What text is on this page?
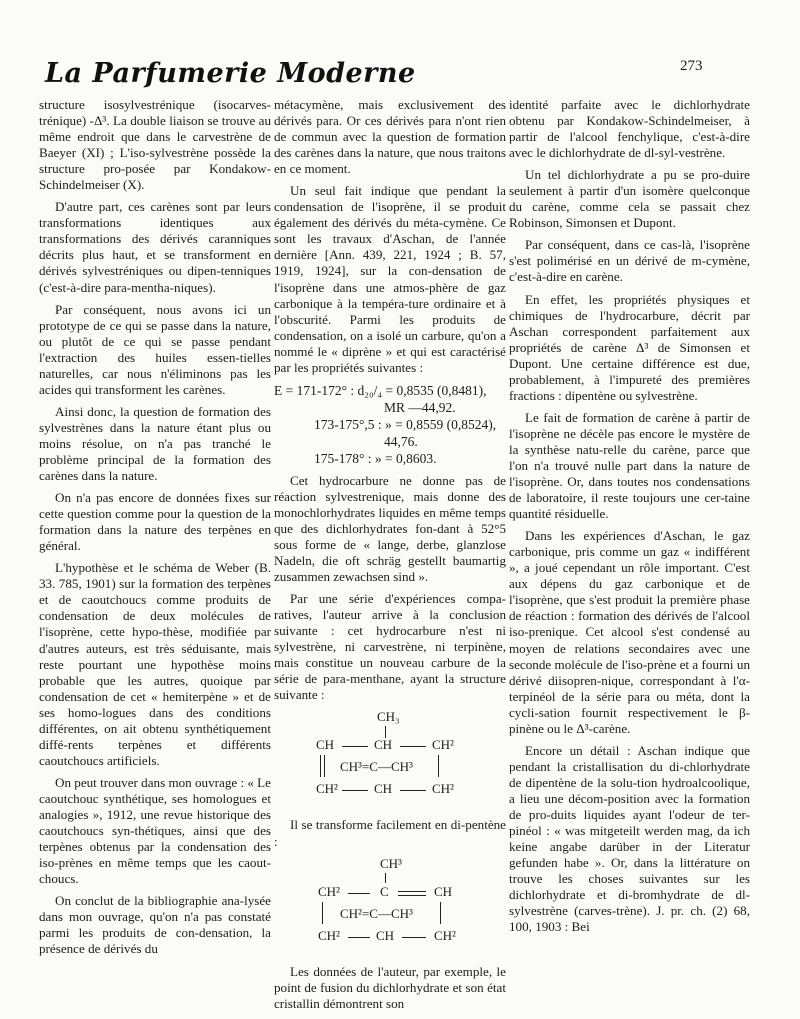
La Parfumerie Moderne	273

structure isosylvestrénique (isocarves-trénique) -Δ³. La double liaison se trouve au même endroit que dans le carvestrène de Baeyer (XI) ; L'iso-sylvestrène possède la structure pro-posée par Kondakow-Schindelmeiser (X).

D'autre part, ces carènes sont par leurs transformations identiques aux transformations des dérivés caranniques décrits plus haut, et se transforment en dérivés sylvestréniques ou dipen-tenniques (c'est-à-dire para-mentha-niques).

Par conséquent, nous avons ici un prototype de ce qui se passe dans la nature, ou plutôt de ce qui se passe pendant l'extraction des huiles essen-tielles naturelles, car nous n'éliminons pas les acides qui transforment les carènes.

Ainsi donc, la question de formation des sylvestrènes dans la nature étant plus ou moins résolue, on n'a pas tranché le problème principal de la formation des carènes dans la nature.

On n'a pas encore de données fixes sur cette question comme pour la question de la formation dans la nature des terpènes en général.

L'hypothèse et le schéma de Weber (B. 33. 785, 1901) sur la formation des terpènes et de caoutchoucs comme produits de condensation de deux molécules de l'isoprène, cette hypo-thèse, modifiée par d'autres auteurs, est très séduisante, mais reste pourtant une hypothèse moins probable que les autres, quoique par condensation de cet « hemiterpène » et de ses homo-logues dans des conditions différentes, on ait obtenu synthétiquement diffé-rents terpènes et différents caoutchoucs artificiels.

On peut trouver dans mon ouvrage : « Le caoutchouc synthétique, ses homologues et analogies », 1912, une revue historique des caoutchoucs syn-thétiques, ainsi que des terpènes obtenus par la condensation des iso-prènes en même temps que les caout-choucs.

On conclut de la bibliographie ana-lysée dans mon ouvrage, qu'on n'a pas constaté parmi les produits de con-densation, la présence de dérivés du

métacymène, mais exclusivement des dérivés para. Or ces dérivés para n'ont rien de commun avec la question de formation des carènes dans la nature, que nous traitons en ce moment.

Un seul fait indique que pendant la condensation de l'isoprène, il se produit également des dérivés du méta-cymène. Ce sont les travaux d'Aschan, de l'année dernière [Ann. 439, 221, 1924 ; B. 57, 1919, 1924], sur la con-densation de l'isoprène dans une atmos-phère de gaz carbonique à la tempéra-ture ordinaire et à l'obscurité. Parmi les produits de condensation, on a isolé un carbure, qu'on a nommé le « diprène » et qui est caractérisé par les propriétés suivantes :

E = 171-172° : d₂₀/₄ = 0,8535 (0,8481),
MR —44,92.
173-175°,5 : » = 0,8559 (0,8524),
44,76.
175-178° : » = 0,8603.

Cet hydrocarbure ne donne pas de réaction sylvestrenique, mais donne des monochlorhydrates liquides en même temps que des dichlorhydrates fon-dant à 52°5 sous forme de « lange, derbe, glanzlose Nadeln, die oft schräg gestellt baumartig zusammen zewachsen sind ».

Par une série d'expériences compa-ratives, l'auteur arrive à la conclusion suivante : cet hydrocarbure n'est ni sylvestrène, ni carvestrène, ni terpinène, mais constitue un nouveau carbure de la série de para-menthane, ayant la structure suivante :

CH₃
CH	CH	CH²
CH³=C—CH³
CH²	CH	CH²

Il se transforme facilement en di-pentène :

CH³
CH²	C	CH
CH²=C—CH³
CH²	CH	CH²

Les données de l'auteur, par exemple, le point de fusion du dichlorhydrate et son état cristallin démontrent son

identité parfaite avec le dichlorhydrate obtenu par Kondakow-Schindelmeiser, à partir de l'alcool fenchylique, c'est-à-dire avec le dichlorhydrate de dl-syl-vestrène.

Un tel dichlorhydrate a pu se pro-duire seulement à partir d'un isomère quelconque du carène, comme cela se passait chez Robinson, Simonsen et Dupont.

Par conséquent, dans ce cas-là, l'isoprène s'est polimérisé en un dérivé de m-cymène, c'est-à-dire en carène.

En effet, les propriétés physiques et chimiques de l'hydrocarbure, décrit par Aschan correspondent parfaitement aux propriétés de carène Δ³ de Simonsen et Dupont. Une certaine différence est due, probablement, à l'impureté des premières fractions : dipentène ou sylvestrène.

Le fait de formation de carène à partir de l'isoprène ne décèle pas encore le mystère de la synthèse natu-relle du carène, parce que l'on n'a trouvé nulle part dans la nature de l'isoprène. Or, dans toutes nos condensations de laboratoire, il reste toujours une cer-taine quantité résiduelle.

Dans les expériences d'Aschan, le gaz carbonique, pris comme un gaz « indifférent », a joué cependant un rôle important. C'est aux dépens du gaz carbonique et de l'isoprène, que s'est produit la première phase de réaction : formation des dérivés de l'alcool iso-prenique. Cet alcool s'est condensé au moyen de relations secondaires avec une seconde molécule de l'iso-prène et a fourni un dérivé diisopren-nique, correspondant à l'α-terpinéol de la série para ou méta, dont la cycli-sation fournit respectivement le β-pinène ou le Δ³-carène.

Encore un détail : Aschan indique que pendant la cristallisation du di-chlorhydrate de dipentène de la solu-tion hydroalcoolique, a lieu une décom-position avec la formation de pro-duits liquides ayant l'odeur de ter-pinéol : « was mitgeteilt werden mag, da ich keine angabe darüber in der Literatur gefunden habe ». Or, dans la littérature on trouve les choses suivantes sur les dichlorhydrate et di-bromhydrate de dl-sylvestrène (carves-trène). J. pr. ch. (2) 68, 100, 1903 : Bei
